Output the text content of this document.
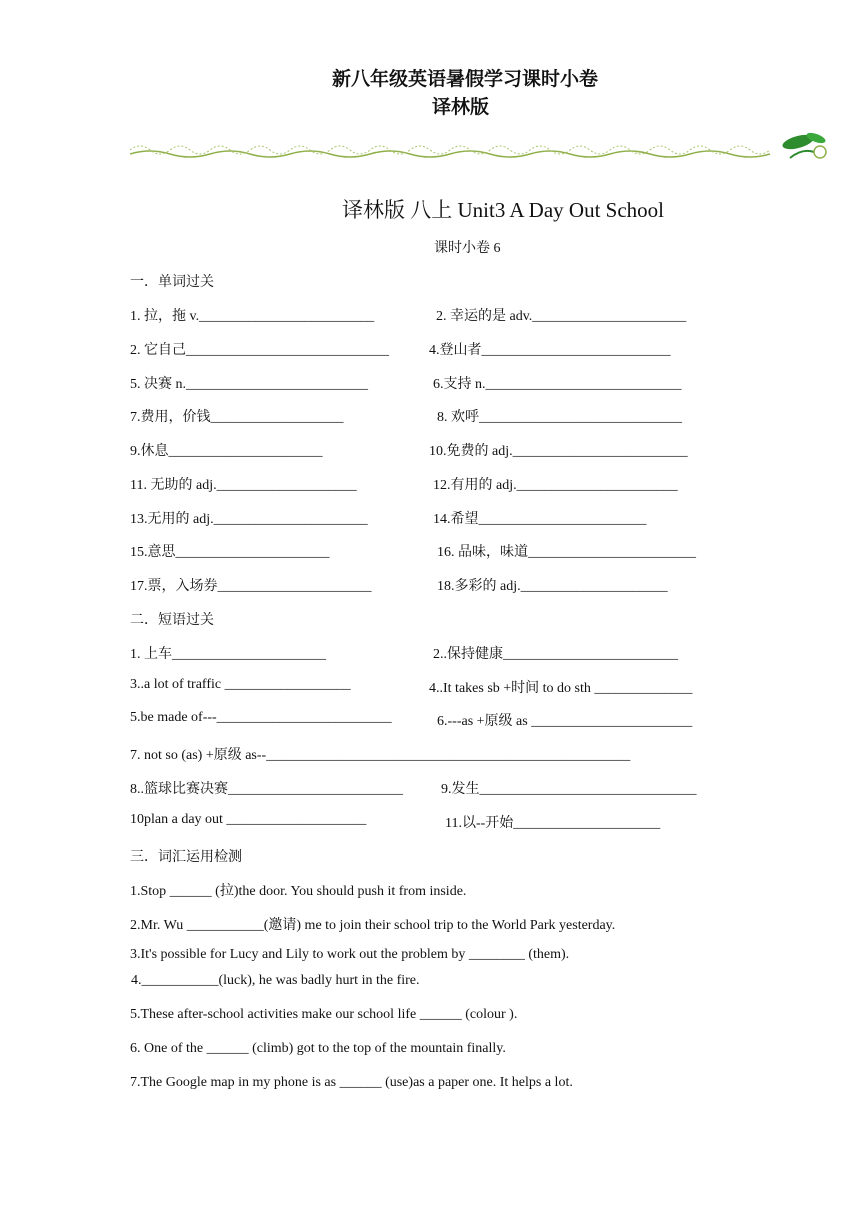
新八年级英语暑假学习课时小卷
译林版
译林版 八上 Unit3 A Day Out School
课时小卷 6
一．单词过关
1. 拉，拖 v._________________________	2. 幸运的是 adv.______________________
2. 它自己_____________________________	4.登山者___________________________
5. 决赛 n.__________________________	6.支持 n.____________________________
7.费用，价钱___________________	8. 欢呼_____________________________
9.休息______________________	10.免费的 adj._________________________
11. 无助的 adj.____________________	12.有用的 adj._______________________
13.无用的 adj.______________________	14.希望________________________
15.意思______________________	16. 品味，味道________________________
17.票，入场券______________________	18.多彩的 adj._____________________
二．短语过关
1. 上车______________________	2..保持健康_________________________
3..a lot of traffic __________________	4..It takes sb +时间 to do sth ______________
5.be made of---_________________________	6.---as +原级 as _______________________
7. not so (as) +原级 as--____________________________________________________
8..篮球比赛决赛_________________________	9.发生_______________________________
10plan a day out ____________________	11.以--开始_____________________
三．词汇运用检测
1.Stop ______ (拉)the door. You should push it from inside.
2.Mr. Wu ___________(邀请) me to join their school trip to the World Park yesterday.
3.It's possible for Lucy and Lily to work out the problem by ________ (them).
4.___________(luck), he was badly hurt in the fire.
5.These after-school activities make our school life ______ (colour ).
6. One of the ______ (climb) got to the top of the mountain finally.
7.The Google map in my phone is as ______ (use)as a paper one. It helps a lot.
